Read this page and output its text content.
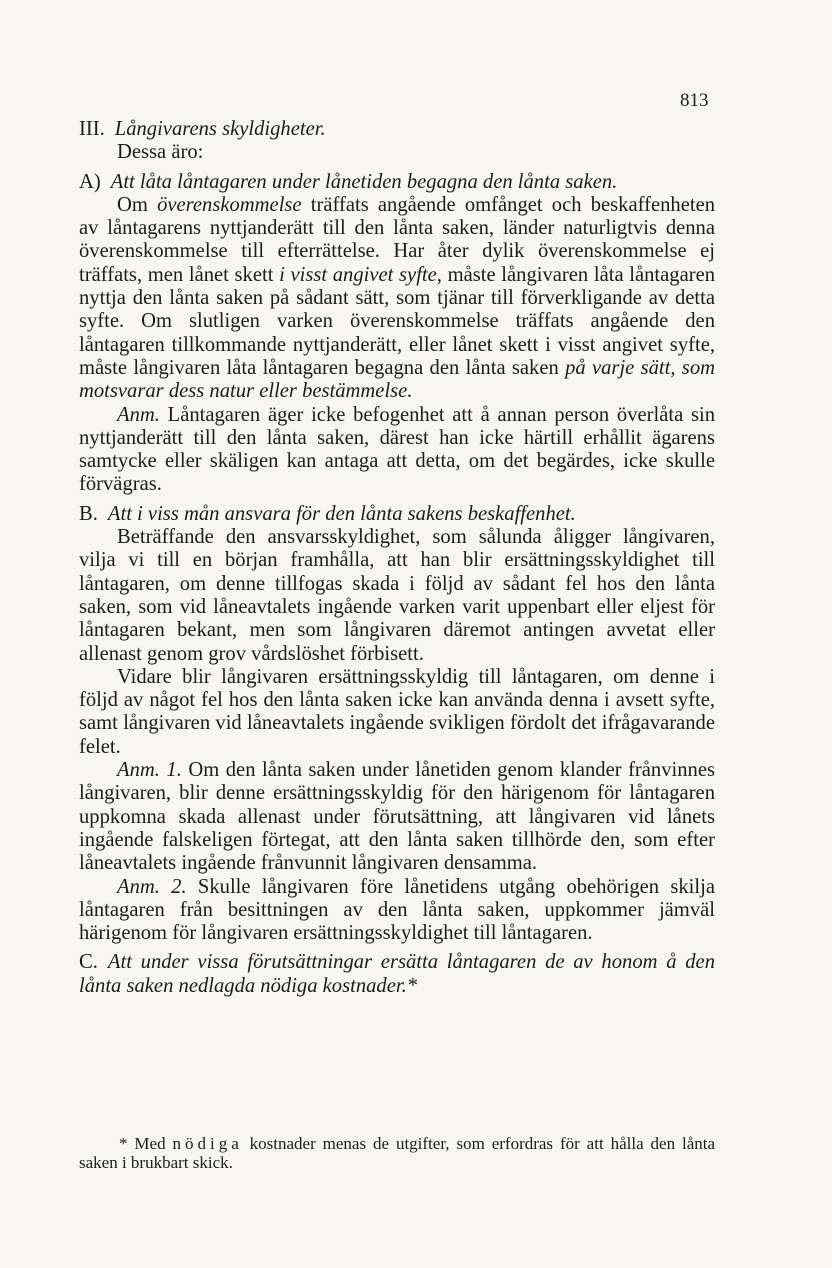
813

III. Långivarens skyldigheter.

Dessa äro:

A) Att låta låntagaren under lånetiden begagna den lånta saken.

Om överenskommelse träffats angående omfånget och beskaffenheten av låntagarens nyttjanderätt till den lånta saken, länder naturligtvis denna överenskommelse till efterrättelse. Har åter dylik överenskommelse ej träffats, men lånet skett i visst angivet syfte, måste långivaren låta låntagaren nyttja den lånta saken på sådant sätt, som tjänar till förverkligande av detta syfte. Om slutligen varken överenskommelse träffats angående den låntagaren tillkommande nyttjanderätt, eller lånet skett i visst angivet syfte, måste långivaren låta låntagaren begagna den lånta saken på varje sätt, som motsvarar dess natur eller bestämmelse.

Anm. Låntagaren äger icke befogenhet att å annan person överlåta sin nyttjanderätt till den lånta saken, därest han icke härtill erhållit ägarens samtycke eller skäligen kan antaga att detta, om det begärdes, icke skulle förvägras.

B. Att i viss mån ansvara för den lånta sakens beskaffenhet.

Beträffande den ansvarsskyldighet, som sålunda åligger långivaren, vilja vi till en början framhålla, att han blir ersättningsskyldighet till låntagaren, om denne tillfogas skada i följd av sådant fel hos den lånta saken, som vid låneavtalets ingående varken varit uppenbart eller eljest för låntagaren bekant, men som långivaren däremot antingen avvetat eller allenast genom grov vårdslöshet förbisett.

Vidare blir långivaren ersättningsskyldig till låntagaren, om denne i följd av något fel hos den lånta saken icke kan använda denna i avsett syfte, samt långivaren vid låneavtalets ingående svikligen fördolt det ifrågavarande felet.

Anm. 1. Om den lånta saken under lånetiden genom klander frånvinnes långivaren, blir denne ersättningsskyldig för den härigenom för låntagaren uppkomna skada allenast under förutsättning, att långivaren vid lånets ingående falskeligen förtegat, att den lånta saken tillhörde den, som efter låneavtalets ingående frånvunnit långivaren densamma.

Anm. 2. Skulle långivaren före lånetidens utgång obehörigen skilja låntagaren från besittningen av den lånta saken, uppkommer jämväl härigenom för långivaren ersättningsskyldighet till låntagaren.

C. Att under vissa förutsättningar ersätta låntagaren de av honom å den lånta saken nedlagda nödiga kostnader.*

* Med nödiga kostnader menas de utgifter, som erfordras för att hålla den lånta saken i brukbart skick.
